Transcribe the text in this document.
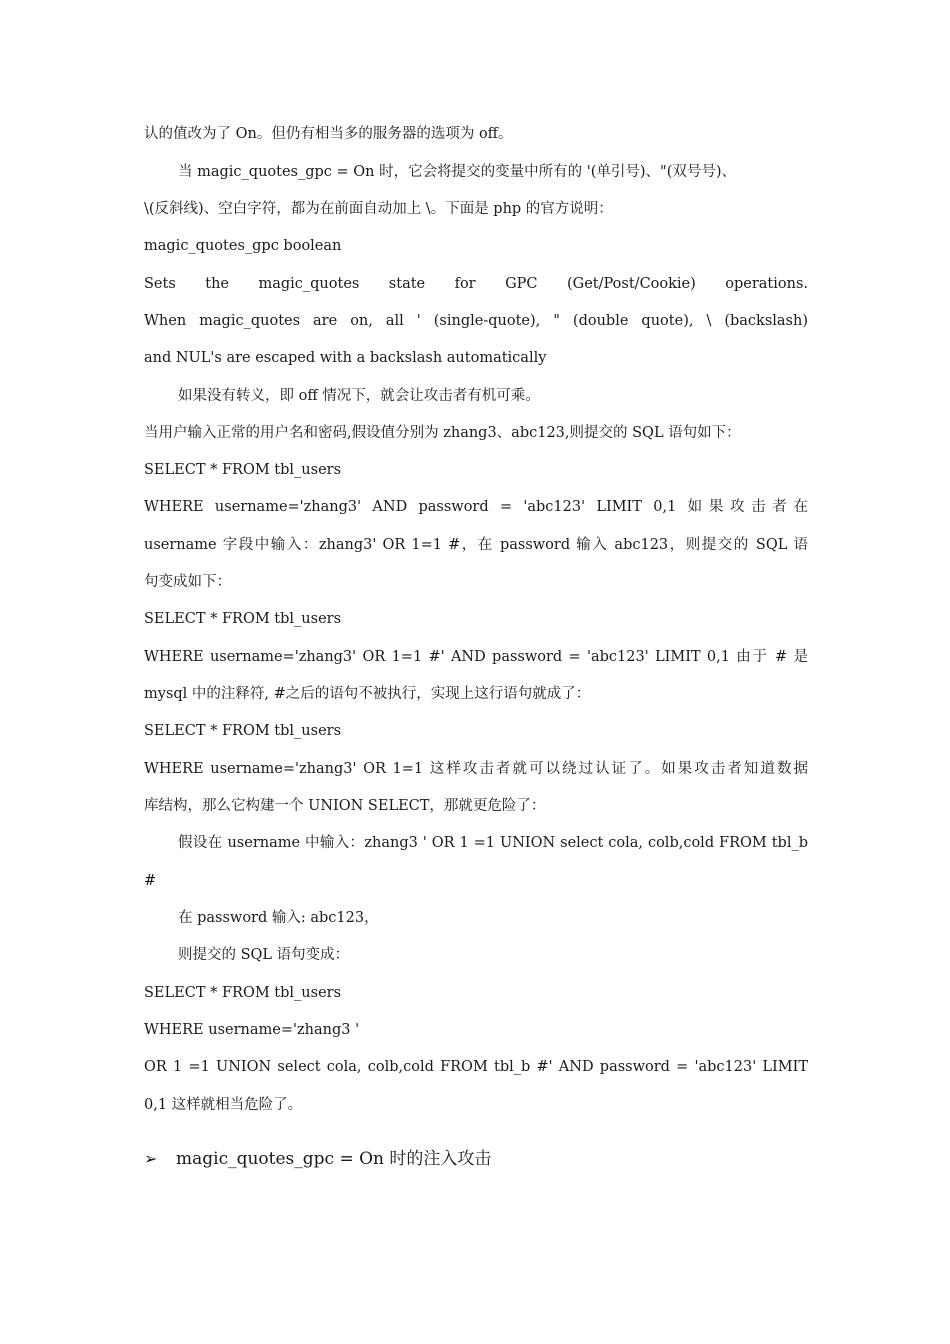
认的值改为了 On。但仍有相当多的服务器的选项为 off。
当 magic_quotes_gpc = On 时，它会将提交的变量中所有的 '(单引号)、"(双号号)、
\(反斜线)、空白字符，都为在前面自动加上 \。下面是 php 的官方说明：
magic_quotes_gpc boolean
Sets the magic_quotes state for GPC (Get/Post/Cookie) operations.
When magic_quotes are on, all ' (single-quote), " (double quote), \ (backslash)
and NUL's are escaped with a backslash automatically
如果没有转义，即 off 情况下，就会让攻击者有机可乘。
当用户输入正常的用户名和密码,假设值分别为 zhang3、abc123,则提交的 SQL 语句如下：
SELECT * FROM tbl_users
WHERE username='zhang3' AND password = 'abc123' LIMIT 0,1 如果攻击者在
username 字段中输入：zhang3' OR 1=1 #，在 password 输入 abc123，则提交的 SQL 语
句变成如下：
SELECT * FROM tbl_users
WHERE username='zhang3' OR 1=1 #' AND password = 'abc123' LIMIT 0,1 由于 # 是
mysql 中的注释符, #之后的语句不被执行，实现上这行语句就成了：
SELECT * FROM tbl_users
WHERE username='zhang3' OR 1=1 这样攻击者就可以绕过认证了。如果攻击者知道数据
库结构，那么它构建一个 UNION SELECT，那就更危险了：
假设在 username 中输入：zhang3 ' OR 1 =1 UNION select cola, colb,cold FROM tbl_b
#
在 password 输入: abc123，
则提交的 SQL 语句变成：
SELECT * FROM tbl_users
WHERE username='zhang3 '
OR 1 =1 UNION select cola, colb,cold FROM tbl_b #' AND password = 'abc123' LIMIT
0,1 这样就相当危险了。
➢ magic_quotes_gpc = On 时的注入攻击
